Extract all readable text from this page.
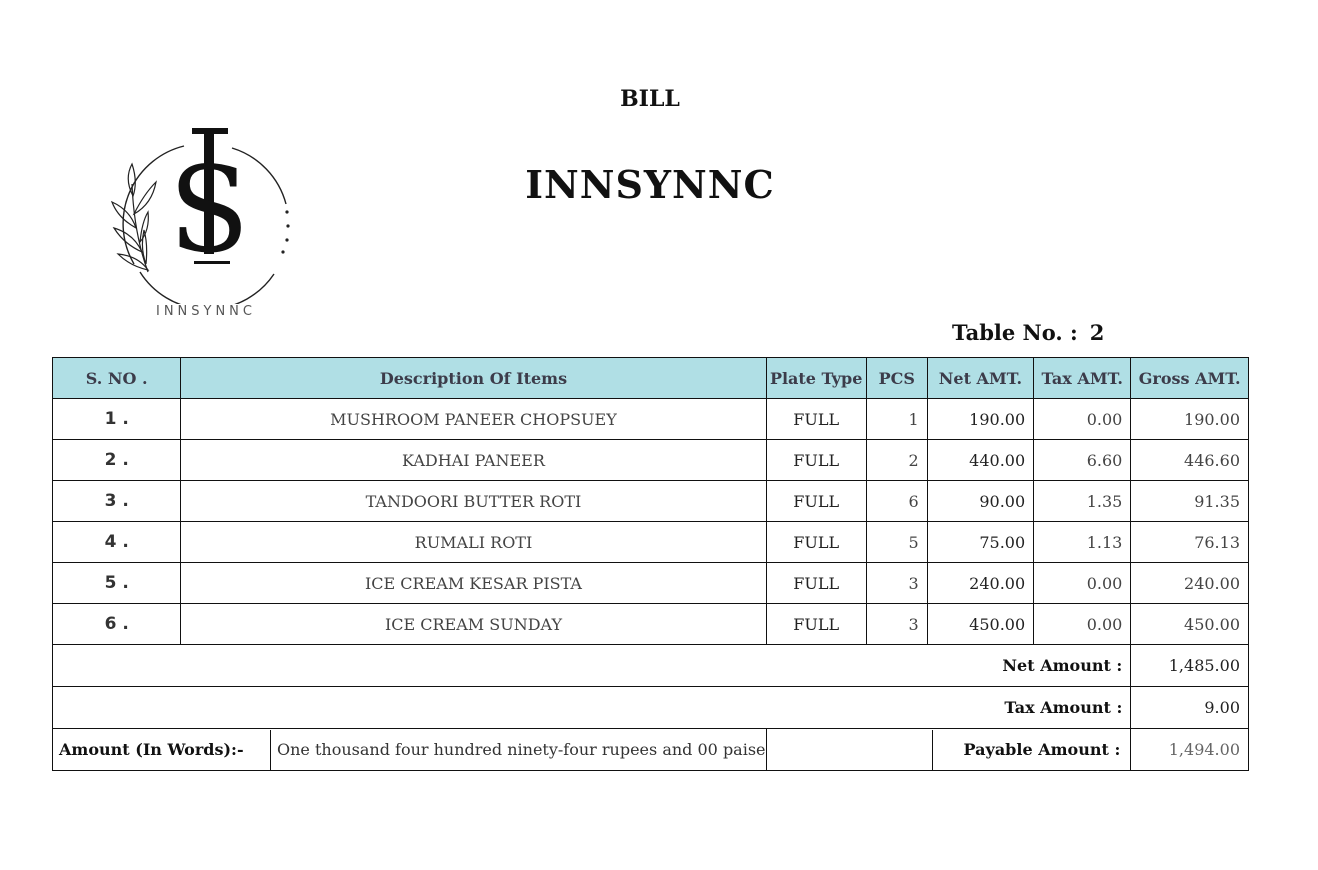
S
INNSYNNC
BILL
INNSYNNC
Table No. : 2
S. NO .	Description Of Items	Plate Type	PCS	Net AMT.	Tax AMT.	Gross AMT.
1 .	MUSHROOM PANEER CHOPSUEY	FULL	1	190.00	0.00	190.00
2 .	KADHAI PANEER	FULL	2	440.00	6.60	446.60
3 .	TANDOORI BUTTER ROTI	FULL	6	90.00	1.35	91.35
4 .	RUMALI ROTI	FULL	5	75.00	1.13	76.13
5 .	ICE CREAM KESAR PISTA	FULL	3	240.00	0.00	240.00
6 .	ICE CREAM SUNDAY	FULL	3	450.00	0.00	450.00
Net Amount :						1,485.00
Tax Amount :						9.00

Amount (In Words):- One thousand four hundred ninety-four rupees and 00 paise		Payable Amount :				1,494.00
